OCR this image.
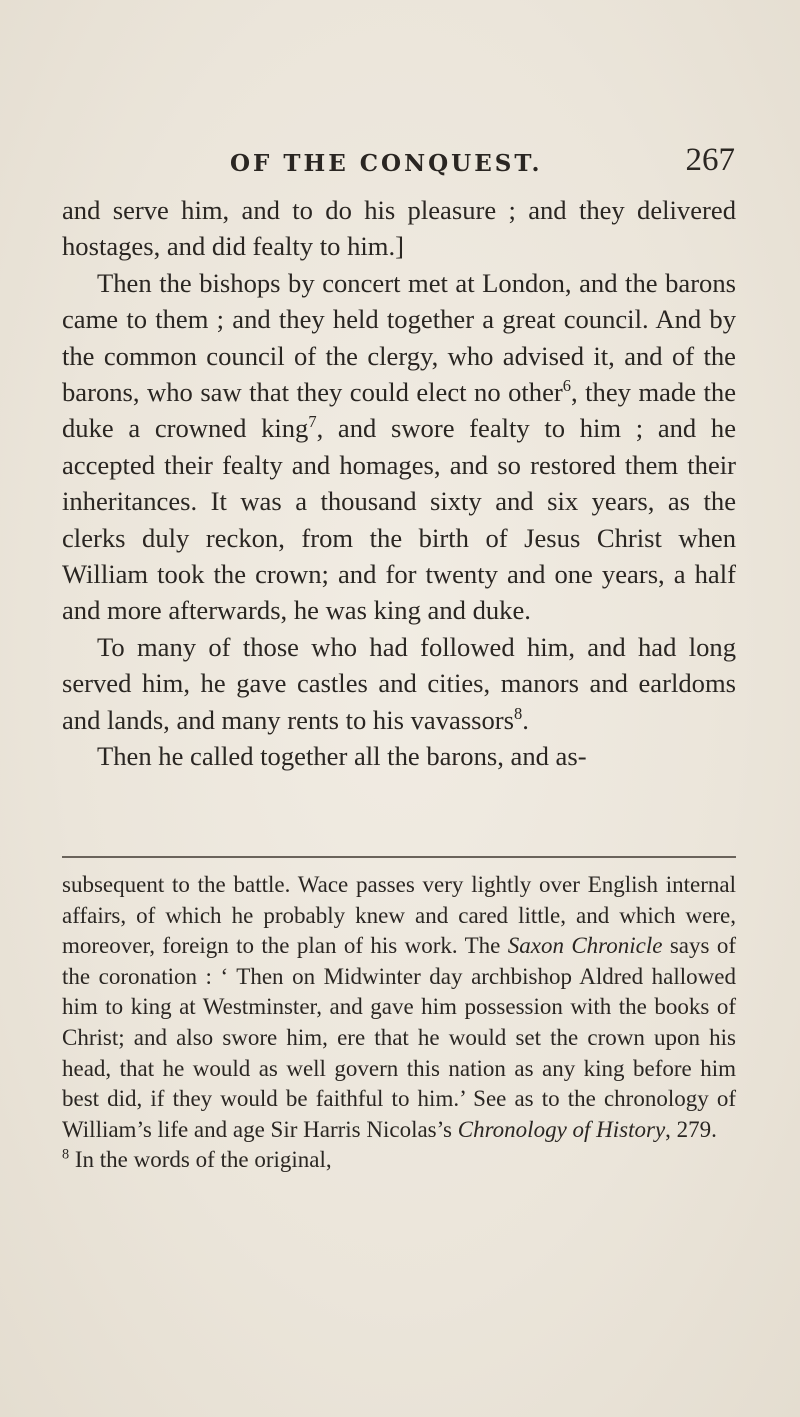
OF THE CONQUEST.	267

and serve him, and to do his pleasure ; and they delivered hostages, and did fealty to him.]

Then the bishops by concert met at London, and the barons came to them ; and they held together a great council. And by the common council of the clergy, who advised it, and of the barons, who saw that they could elect no other$^6$, they made the duke a crowned king$^7$, and swore fealty to him ; and he accepted their fealty and homages, and so restored them their inheritances. It was a thousand sixty and six years, as the clerks duly reckon, from the birth of Jesus Christ when William took the crown; and for twenty and one years, a half and more afterwards, he was king and duke.

To many of those who had followed him, and had long served him, he gave castles and cities, manors and earldoms and lands, and many rents to his vavassors$^8$.

Then he called together all the barons, and as-

subsequent to the battle. Wace passes very lightly over English internal affairs, of which he probably knew and cared little, and which were, moreover, foreign to the plan of his work. The Saxon Chronicle says of the coronation : ‘ Then on Midwinter day archbishop Aldred hallowed him to king at Westminster, and gave him possession with the books of Christ; and also swore him, ere that he would set the crown upon his head, that he would as well govern this nation as any king before him best did, if they would be faithful to him.’ See as to the chronology of William’s life and age Sir Harris Nicolas’s Chronology of History, 279.

$^8$ In the words of the original,
